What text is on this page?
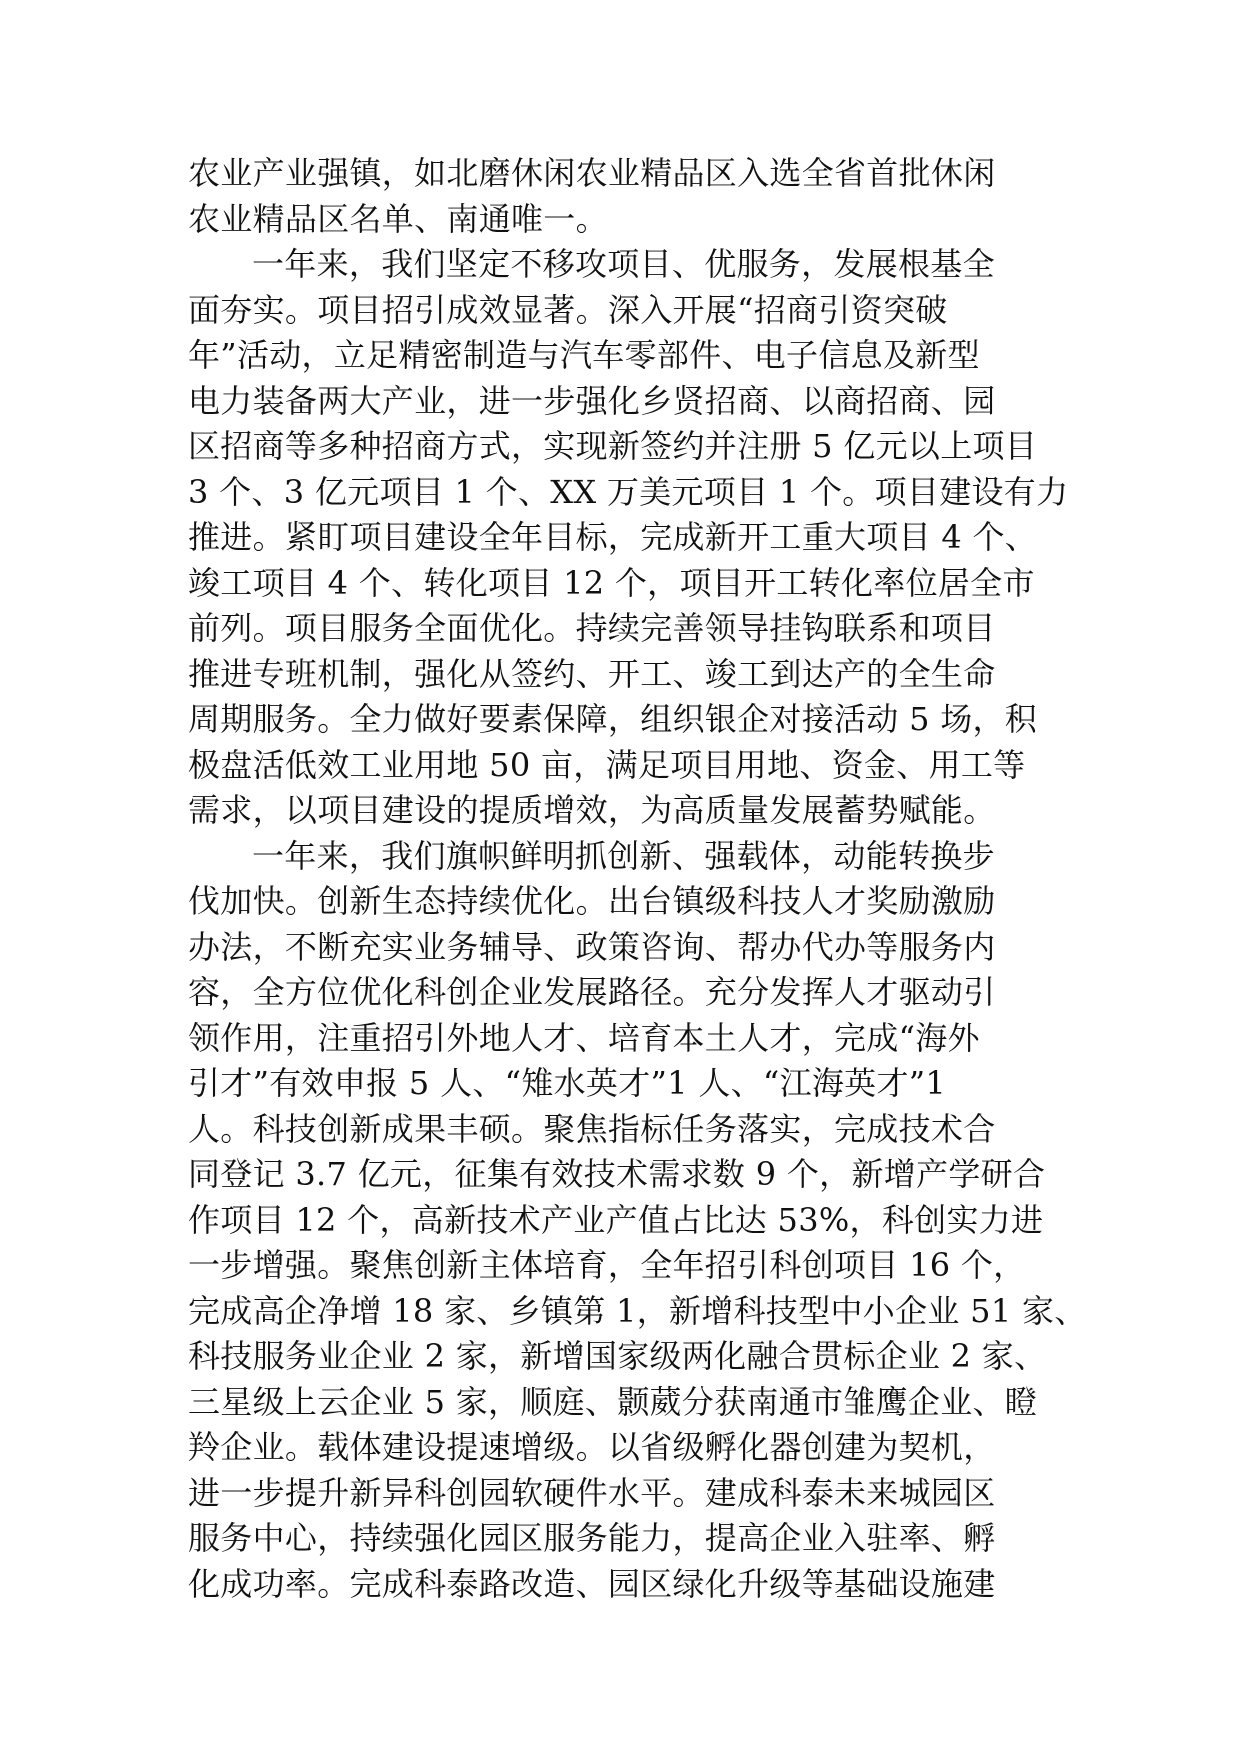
农业产业强镇，如北磨休闲农业精品区入选全省首批休闲
农业精品区名单、南通唯一。
一年来，我们坚定不移攻项目、优服务，发展根基全
面夯实。项目招引成效显著。深入开展“招商引资突破
年”活动，立足精密制造与汽车零部件、电子信息及新型
电力装备两大产业，进一步强化乡贤招商、以商招商、园
区招商等多种招商方式，实现新签约并注册 5 亿元以上项目
3 个、3 亿元项目 1 个、XX 万美元项目 1 个。项目建设有力
推进。紧盯项目建设全年目标，完成新开工重大项目 4 个、
竣工项目 4 个、转化项目 12 个，项目开工转化率位居全市
前列。项目服务全面优化。持续完善领导挂钩联系和项目
推进专班机制，强化从签约、开工、竣工到达产的全生命
周期服务。全力做好要素保障，组织银企对接活动 5 场，积
极盘活低效工业用地 50 亩，满足项目用地、资金、用工等
需求，以项目建设的提质增效，为高质量发展蓄势赋能。
一年来，我们旗帜鲜明抓创新、强载体，动能转换步
伐加快。创新生态持续优化。出台镇级科技人才奖励激励
办法，不断充实业务辅导、政策咨询、帮办代办等服务内
容，全方位优化科创企业发展路径。充分发挥人才驱动引
领作用，注重招引外地人才、培育本土人才，完成“海外
引才”有效申报 5 人、“雉水英才”1 人、“江海英才”1
人。科技创新成果丰硕。聚焦指标任务落实，完成技术合
同登记 3.7 亿元，征集有效技术需求数 9 个，新增产学研合
作项目 12 个，高新技术产业产值占比达 53%，科创实力进
一步增强。聚焦创新主体培育，全年招引科创项目 16 个，
完成高企净增 18 家、乡镇第 1，新增科技型中小企业 51 家、
科技服务业企业 2 家，新增国家级两化融合贯标企业 2 家、
三星级上云企业 5 家，顺庭、颢葳分获南通市雏鹰企业、瞪
羚企业。载体建设提速增级。以省级孵化器创建为契机，
进一步提升新异科创园软硬件水平。建成科泰未来城园区
服务中心，持续强化园区服务能力，提高企业入驻率、孵
化成功率。完成科泰路改造、园区绿化升级等基础设施建
